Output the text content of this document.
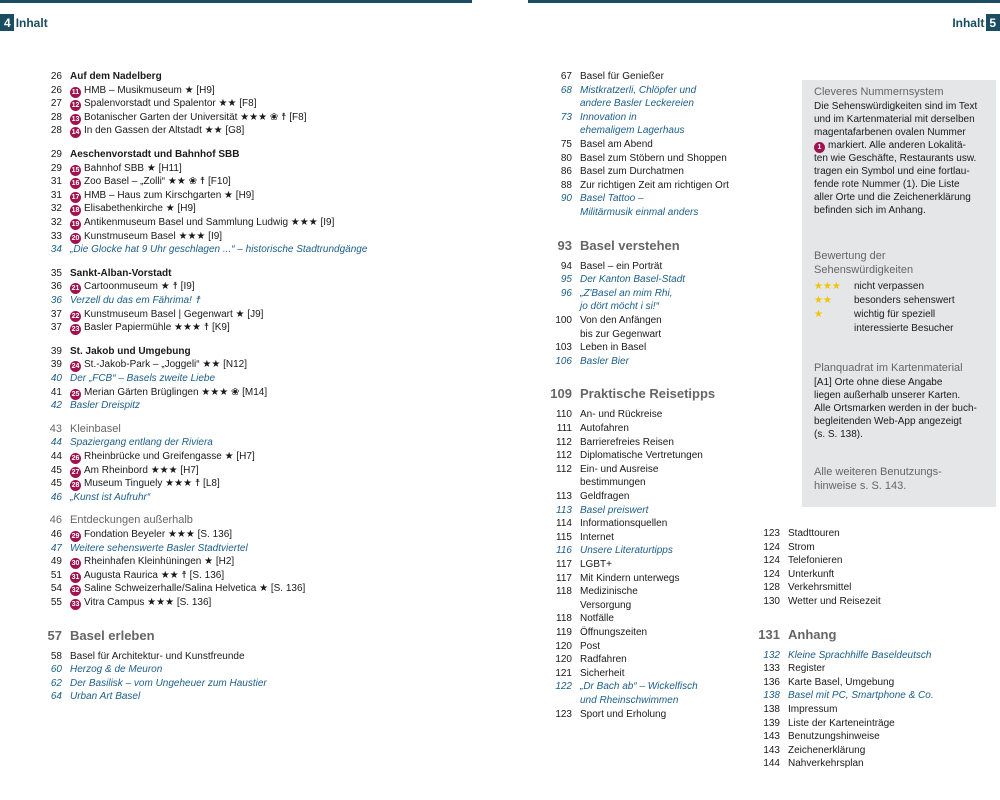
4 Inhalt	Inhalt 5
26 Auf dem Nadelberg
26 11 HMB – Musikmuseum ★ [H9]
27 12 Spalenvorstadt und Spalentor ★★ [F8]
28 13 Botanischer Garten der Universität ★★★ ❀ ☨ [F8]
28 14 In den Gassen der Altstadt ★★ [G8]
29 Aeschenvorstadt und Bahnhof SBB
29 15 Bahnhof SBB ★ [H11]
31 16 Zoo Basel – „Zolli“ ★★ ❀ ☨ [F10]
31 17 HMB – Haus zum Kirschgarten ★ [H9]
32 18 Elisabethenkirche ★ [H9]
32 19 Antikenmuseum Basel und Sammlung Ludwig ★★★ [I9]
33 20 Kunstmuseum Basel ★★★ [I9]
34 „Die Glocke hat 9 Uhr geschlagen ...“ – historische Stadtrundgänge
35 Sankt-Alban-Vorstadt
36 21 Cartoonmuseum ★ ☨ [I9]
36 Verzell du das em Fährima! ☨
37 22 Kunstmuseum Basel | Gegenwart ★ [J9]
37 23 Basler Papiermühle ★★★ ☨ [K9]
39 St. Jakob und Umgebung
39 24 St.-Jakob-Park – „Joggeli“ ★★ [N12]
40 Der „FCB“ – Basels zweite Liebe
41 25 Merian Gärten Brüglingen ★★★ ❀ [M14]
42 Basler Dreispitz
43 Kleinbasel
44 Spaziergang entlang der Riviera
44 26 Rheinbrücke und Greifengasse ★ [H7]
45 27 Am Rheinbord ★★★ [H7]
45 28 Museum Tinguely ★★★ ☨ [L8]
46 „Kunst ist Aufruhr“
46 Entdeckungen außerhalb
46 29 Fondation Beyeler ★★★ [S. 136]
47 Weitere sehenswerte Basler Stadtviertel
49 30 Rheinhafen Kleinhüningen ★ [H2]
51 31 Augusta Raurica ★★ ☨ [S. 136]
54 32 Saline Schweizerhalle/Salina Helvetica ★ [S. 136]
55 33 Vitra Campus ★★★ [S. 136]
57 Basel erleben
58 Basel für Architektur- und Kunstfreunde
60 Herzog & de Meuron
62 Der Basilisk – vom Ungeheuer zum Haustier
64 Urban Art Basel
67 Basel für Genießer
68 Mistkratzerli, Chlöpfer und
andere Basler Leckereien
73 Innovation in
ehemaligem Lagerhaus
75 Basel am Abend
80 Basel zum Stöbern und Shoppen
86 Basel zum Durchatmen
88 Zur richtigen Zeit am richtigen Ort
90 Basel Tattoo –
Militärmusik einmal anders
93 Basel verstehen
94 Basel – ein Porträt
95 Der Kanton Basel-Stadt
96 „Z'Basel an mim Rhi,
jo dört möcht i si!“
100 Von den Anfängen
bis zur Gegenwart
103 Leben in Basel
106 Basler Bier
109 Praktische Reisetipps
110 An- und Rückreise
111 Autofahren
112 Barrierefreies Reisen
112 Diplomatische Vertretungen
112 Ein- und Ausreise
bestimmungen
113 Geldfragen
113 Basel preiswert
114 Informationsquellen
115 Internet
116 Unsere Literaturtipps
117 LGBT+
117 Mit Kindern unterwegs
118 Medizinische
Versorgung
118 Notfälle
119 Öffnungszeiten
120 Post
120 Radfahren
121 Sicherheit
122 „Dr Bach ab“ – Wickelfisch
und Rheinschwimmen
123 Sport und Erholung
123 Stadttouren
124 Strom
124 Telefonieren
124 Unterkunft
128 Verkehrsmittel
130 Wetter und Reisezeit
131 Anhang
132 Kleine Sprachhilfe Baseldeutsch
133 Register
136 Karte Basel, Umgebung
138 Basel mit PC, Smartphone & Co.
138 Impressum
139 Liste der Karteneinträge
143 Benutzungshinweise
143 Zeichenerklärung
144 Nahverkehrsplan
Cleveres Nummernsystem
Die Sehenswürdigkeiten sind im Text
und im Kartenmaterial mit derselben
magentafarbenen ovalen Nummer
1 markiert. Alle anderen Lokalitä-
ten wie Geschäfte, Restaurants usw.
tragen ein Symbol und eine fortlau-
fende rote Nummer (1). Die Liste
aller Orte und die Zeichenerklärung
befinden sich im Anhang.
Bewertung der
Sehenswürdigkeiten
★★★ nicht verpassen
★★ besonders sehenswert
★	wichtig für speziell
interessierte Besucher
Planquadrat im Kartenmaterial
[A1] Orte ohne diese Angabe
liegen außerhalb unserer Karten.
Alle Ortsmarken werden in der buch-
begleitenden Web-App angezeigt
(s. S. 138).
Alle weiteren Benutzungs-
hinweise s. S. 143.
